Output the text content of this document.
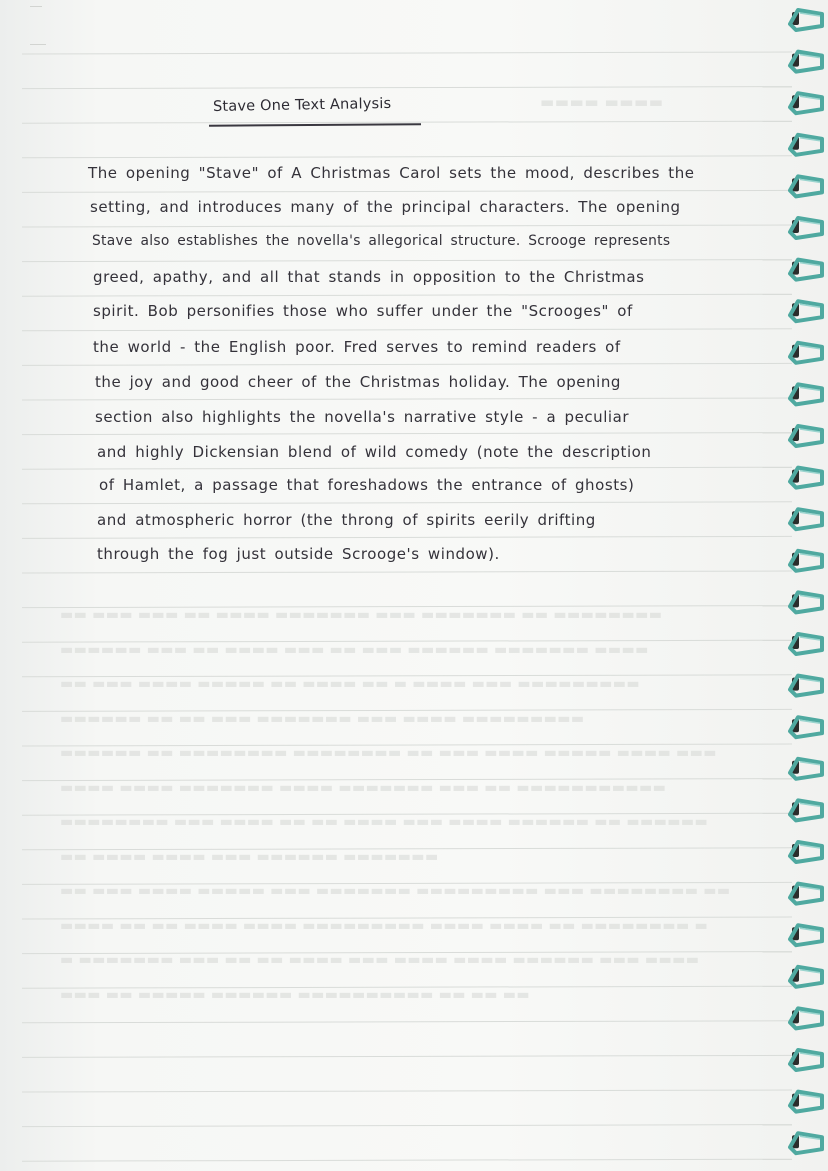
▬▬▬▬ ▬▬▬▬
▬▬ ▬▬▬ ▬▬▬ ▬▬ ▬▬▬▬ ▬▬▬▬▬▬▬ ▬▬▬ ▬▬▬▬▬▬▬ ▬▬ ▬▬▬▬▬▬▬▬
▬▬▬▬▬▬ ▬▬▬ ▬▬ ▬▬▬▬ ▬▬▬ ▬▬ ▬▬▬ ▬▬▬▬▬▬ ▬▬▬▬▬▬▬ ▬▬▬▬
▬▬ ▬▬▬ ▬▬▬▬ ▬▬▬▬▬ ▬▬ ▬▬▬▬ ▬▬ ▬ ▬▬▬▬ ▬▬▬ ▬▬▬▬▬▬▬▬▬
▬▬▬▬▬▬ ▬▬ ▬▬ ▬▬▬ ▬▬▬▬▬▬▬ ▬▬▬ ▬▬▬▬ ▬▬▬▬▬▬▬▬▬
▬▬▬▬▬▬ ▬▬ ▬▬▬▬▬▬▬▬ ▬▬▬▬▬▬▬▬ ▬▬ ▬▬▬ ▬▬▬▬ ▬▬▬▬▬ ▬▬▬▬ ▬▬▬
▬▬▬▬ ▬▬▬▬ ▬▬▬▬▬▬▬ ▬▬▬▬ ▬▬▬▬▬▬▬ ▬▬▬ ▬▬ ▬▬▬▬▬▬▬▬▬▬▬
▬▬▬▬▬▬▬▬ ▬▬▬ ▬▬▬▬ ▬▬ ▬▬ ▬▬▬▬ ▬▬▬ ▬▬▬▬ ▬▬▬▬▬▬ ▬▬ ▬▬▬▬▬▬
▬▬ ▬▬▬▬ ▬▬▬▬ ▬▬▬ ▬▬▬▬▬▬ ▬▬▬▬▬▬▬
▬▬ ▬▬▬ ▬▬▬▬ ▬▬▬▬▬ ▬▬▬ ▬▬▬▬▬▬▬ ▬▬▬▬▬▬▬▬▬ ▬▬▬ ▬▬▬▬▬▬▬▬ ▬▬
▬▬▬▬ ▬▬ ▬▬ ▬▬▬▬ ▬▬▬▬ ▬▬▬▬▬▬▬▬▬ ▬▬▬▬ ▬▬▬▬ ▬▬ ▬▬▬▬▬▬▬▬ ▬
▬ ▬▬▬▬▬▬▬ ▬▬▬ ▬▬ ▬▬ ▬▬▬▬ ▬▬▬ ▬▬▬▬ ▬▬▬▬ ▬▬▬▬▬▬ ▬▬▬ ▬▬▬▬
▬▬▬ ▬▬ ▬▬▬▬▬ ▬▬▬▬▬▬ ▬▬▬▬▬▬▬▬▬▬ ▬▬ ▬▬ ▬▬
Stave One Text Analysis
The opening "Stave" of A Christmas Carol sets the mood, describes the
setting, and introduces many of the principal characters. The opening
Stave also establishes the novella's allegorical structure. Scrooge represents
greed, apathy, and all that stands in opposition to the Christmas
spirit. Bob personifies those who suffer under the "Scrooges" of
the world - the English poor. Fred serves to remind readers of
the joy and good cheer of the Christmas holiday. The opening
section also highlights the novella's narrative style - a peculiar
and highly Dickensian blend of wild comedy (note the description
of Hamlet, a passage that foreshadows the entrance of ghosts)
and atmospheric horror (the throng of spirits eerily drifting
through the fog just outside Scrooge's window).
